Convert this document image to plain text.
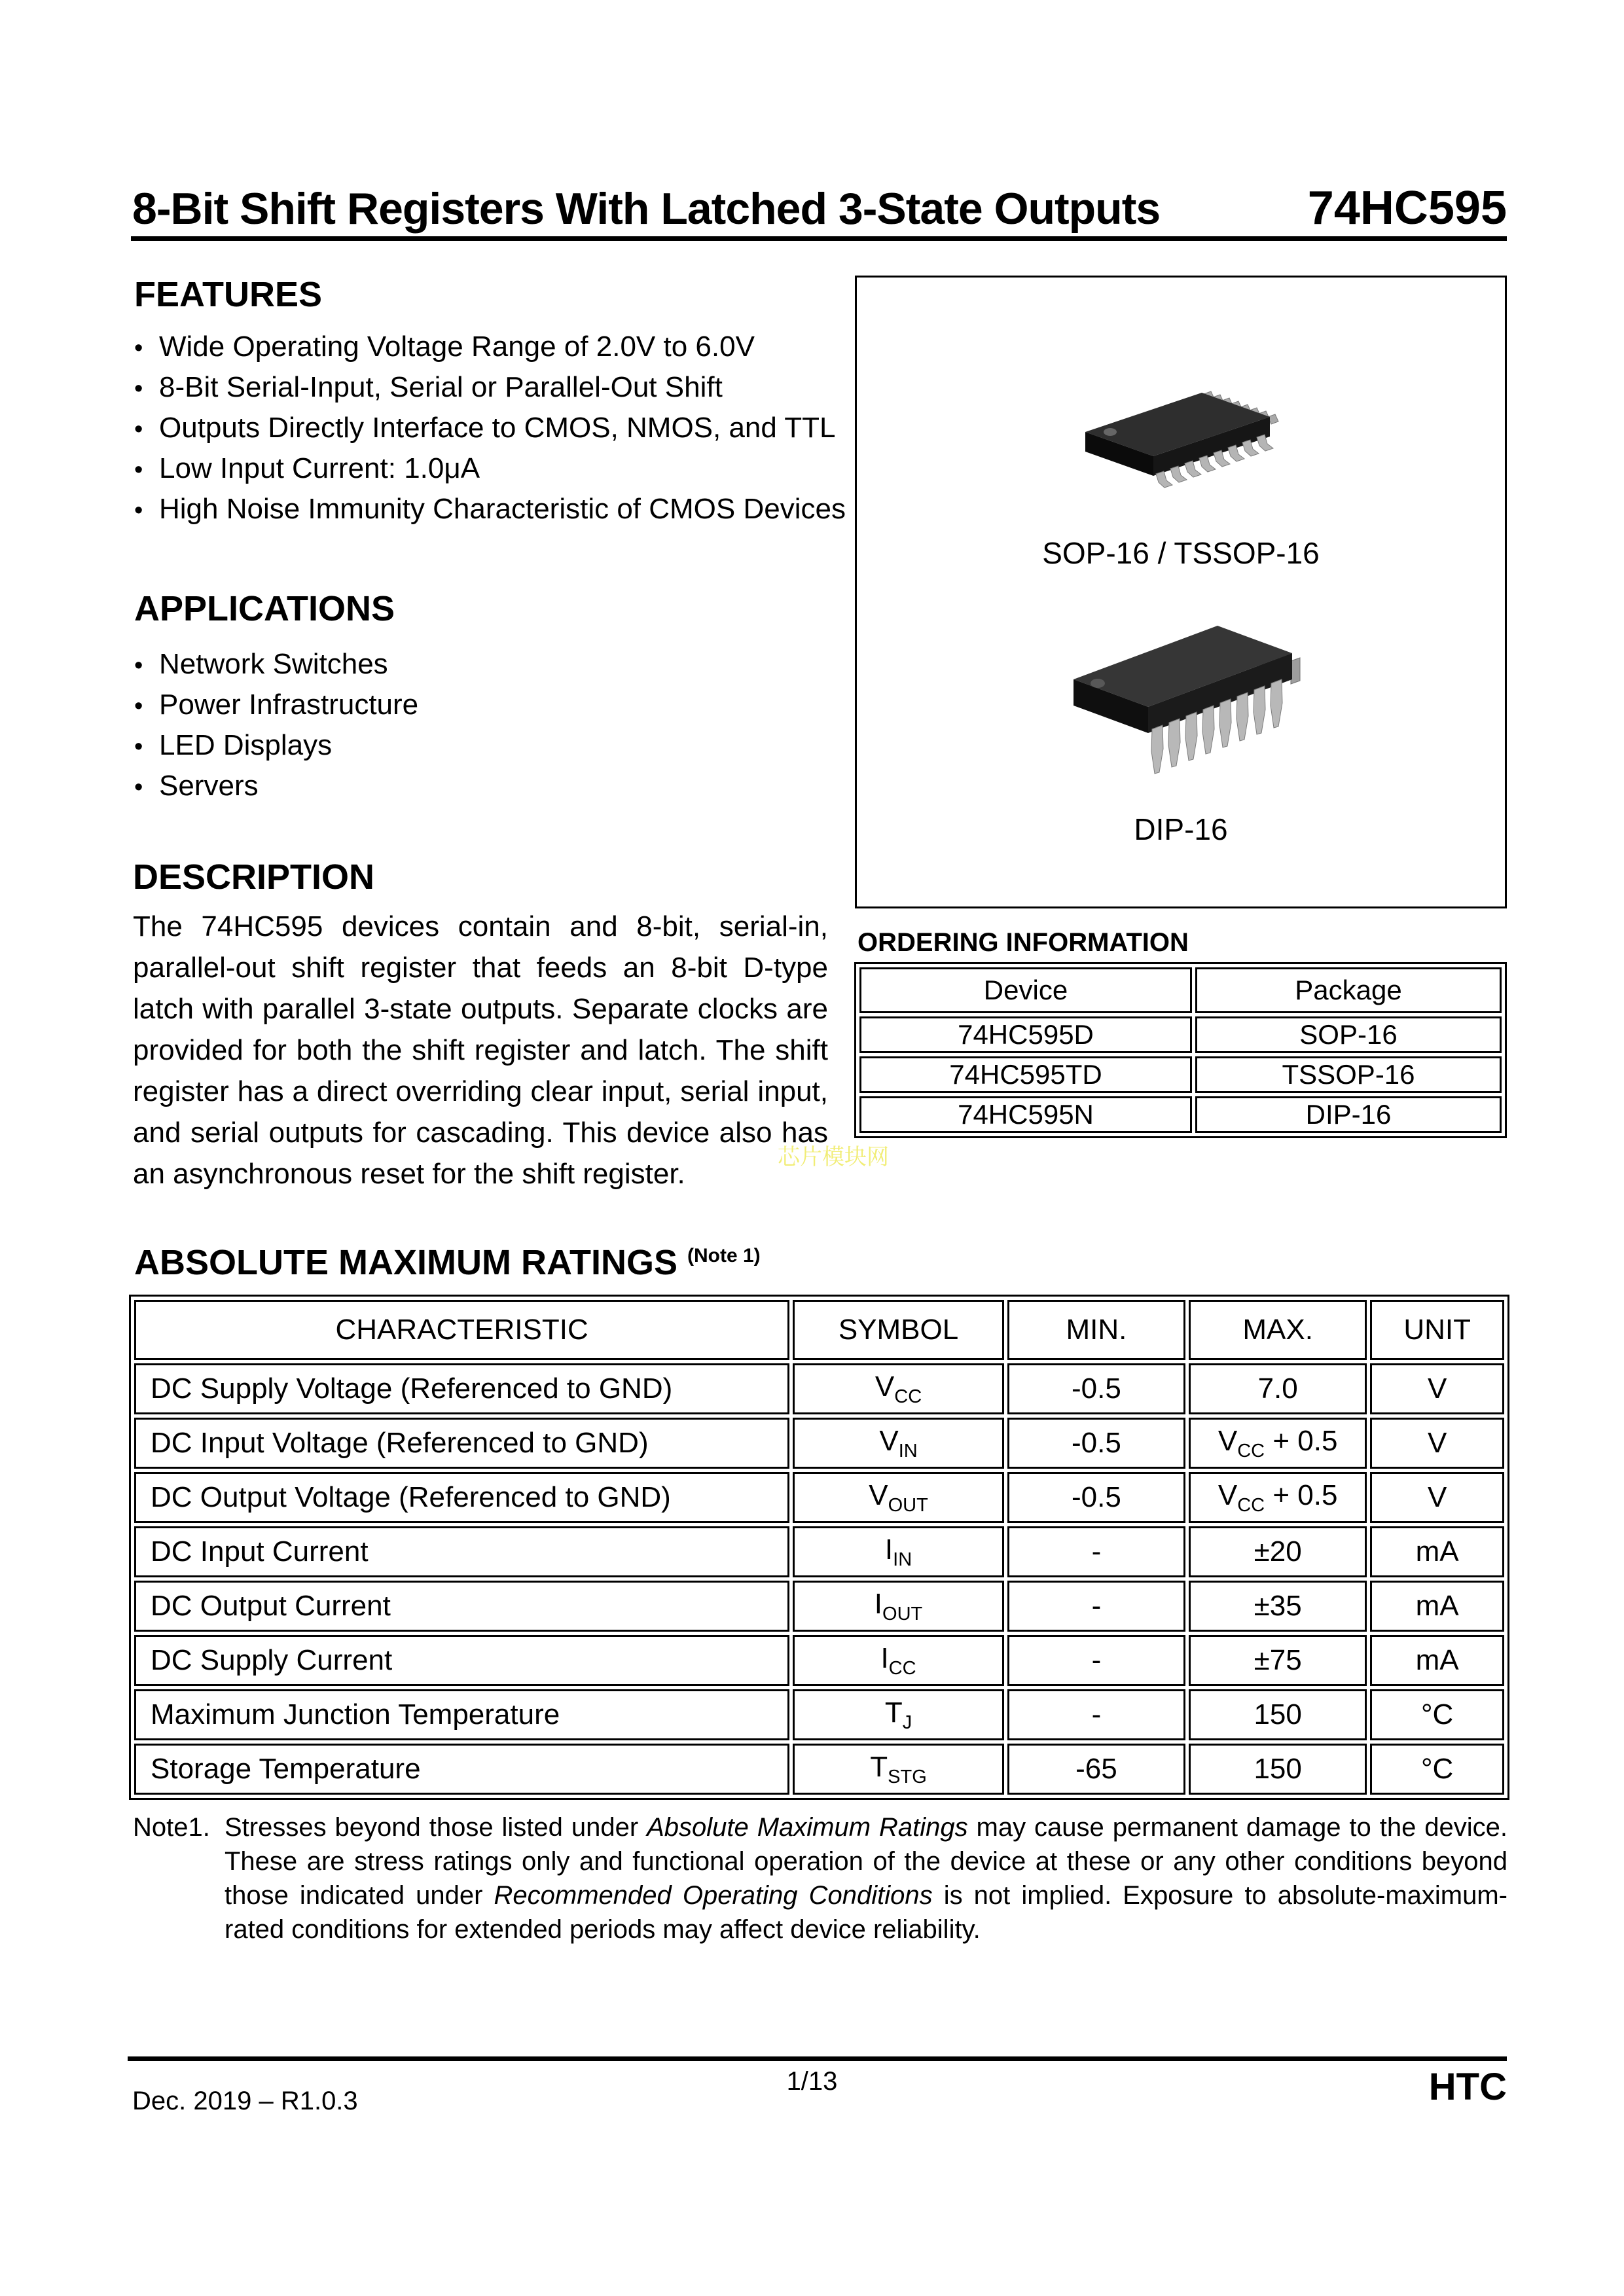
8-Bit Shift Registers With Latched 3-State Outputs	74HC595
FEATURES
• Wide Operating Voltage Range of 2.0V to 6.0V
• 8-Bit Serial-Input, Serial or Parallel-Out Shift
• Outputs Directly Interface to CMOS, NMOS, and TTL
• Low Input Current: 1.0μA
• High Noise Immunity Characteristic of CMOS Devices
APPLICATIONS
• Network Switches
• Power Infrastructure
• LED Displays
• Servers
DESCRIPTION
The 74HC595 devices contain and 8-bit, serial-in, parallel-out shift register that feeds an 8-bit D-type latch with parallel 3-state outputs. Separate clocks are provided for both the shift register and latch. The shift register has a direct overriding clear input, serial input, and serial outputs for cascading. This device also has an asynchronous reset for the shift register.
SOP-16 / TSSOP-16
DIP-16
ORDERING INFORMATION
Device	Package
74HC595D	SOP-16
74HC595TD	TSSOP-16
74HC595N	DIP-16
ABSOLUTE MAXIMUM RATINGS $^{(Note 1)}$
CHARACTERISTIC	SYMBOL	MIN.	MAX.	UNIT
DC Supply Voltage (Referenced to GND)	$V_{CC}$	-0.5	7.0	V
DC Input Voltage (Referenced to GND)	$V_{IN}$	-0.5	$V_{CC} + 0.5$	V
DC Output Voltage (Referenced to GND)	$V_{OUT}$	-0.5	$V_{CC} + 0.5$	V
DC Input Current	$I_{IN}$	-	±20	mA
DC Output Current	$I_{OUT}$	-	±35	mA
DC Supply Current	$I_{CC}$	-	±75	mA
Maximum Junction Temperature	$T_J$	-	150	°C
Storage Temperature	$T_{STG}$	-65	150	°C
Note1. Stresses beyond those listed under Absolute Maximum Ratings may cause permanent damage to the device. These are stress ratings only and functional operation of the device at these or any other conditions beyond those indicated under Recommended Operating Conditions is not implied. Exposure to absolute-maximum-rated conditions for extended periods may affect device reliability.
1/13
Dec. 2019 – R1.0.3	HTC
芯片模块网
